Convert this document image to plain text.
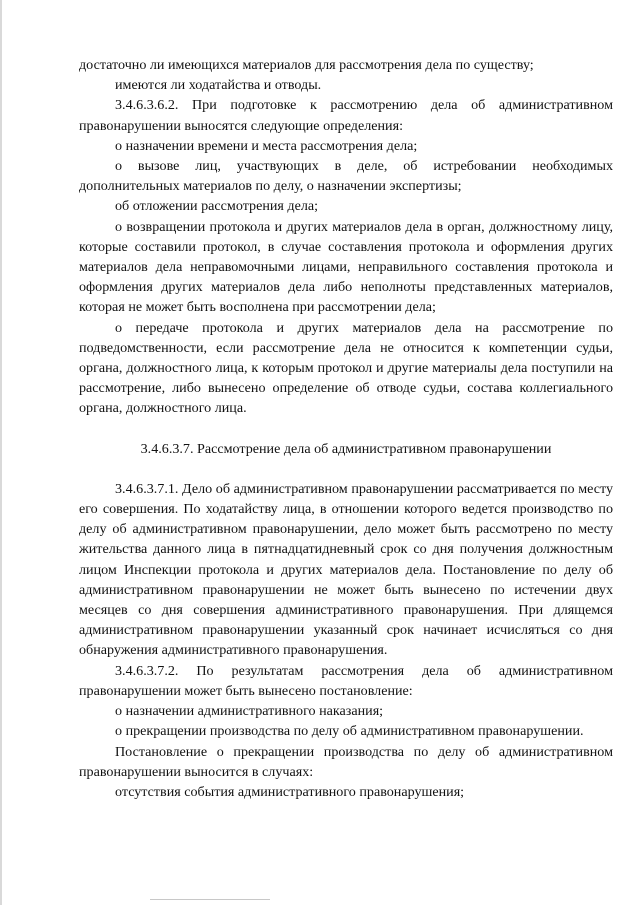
достаточно ли имеющихся материалов для рассмотрения дела по существу;

имеются ли ходатайства и отводы.

3.4.6.3.6.2. При подготовке к рассмотрению дела об административном правонарушении выносятся следующие определения:

о назначении времени и места рассмотрения дела;

о вызове лиц, участвующих в деле, об истребовании необходимых дополнительных материалов по делу, о назначении экспертизы;

об отложении рассмотрения дела;

о возвращении протокола и других материалов дела в орган, должностному лицу, которые составили протокол, в случае составления протокола и оформления других материалов дела неправомочными лицами, неправильного составления протокола и оформления других материалов дела либо неполноты представленных материалов, которая не может быть восполнена при рассмотрении дела;

о передаче протокола и других материалов дела на рассмотрение по подведомственности, если рассмотрение дела не относится к компетенции судьи, органа, должностного лица, к которым протокол и другие материалы дела поступили на рассмотрение, либо вынесено определение об отводе судьи, состава коллегиального органа, должностного лица.

3.4.6.3.7. Рассмотрение дела об административном правонарушении

3.4.6.3.7.1. Дело об административном правонарушении рассматривается по месту его совершения. По ходатайству лица, в отношении которого ведется производство по делу об административном правонарушении, дело может быть рассмотрено по месту жительства данного лица в пятнадцатидневный срок со дня получения должностным лицом Инспекции протокола и других материалов дела. Постановление по делу об административном правонарушении не может быть вынесено по истечении двух месяцев со дня совершения административного правонарушения. При длящемся административном правонарушении указанный срок начинает исчисляться со дня обнаружения административного правонарушения.

3.4.6.3.7.2. По результатам рассмотрения дела об административном правонарушении может быть вынесено постановление:

о назначении административного наказания;

о прекращении производства по делу об административном правонарушении.

Постановление о прекращении производства по делу об административном правонарушении выносится в случаях:

отсутствия события административного правонарушения;
